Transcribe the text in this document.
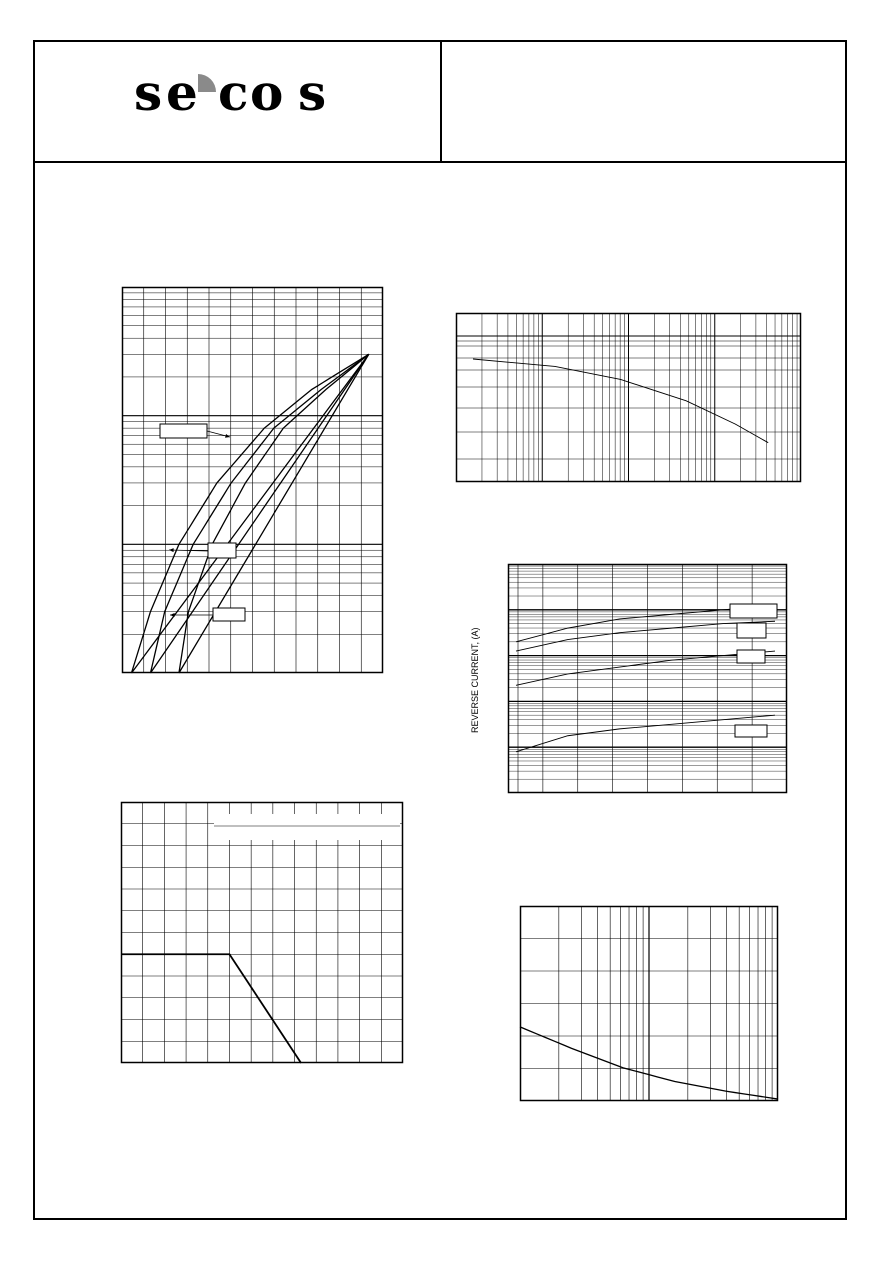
s e c o s
REVERSE CURRENT, (A)
